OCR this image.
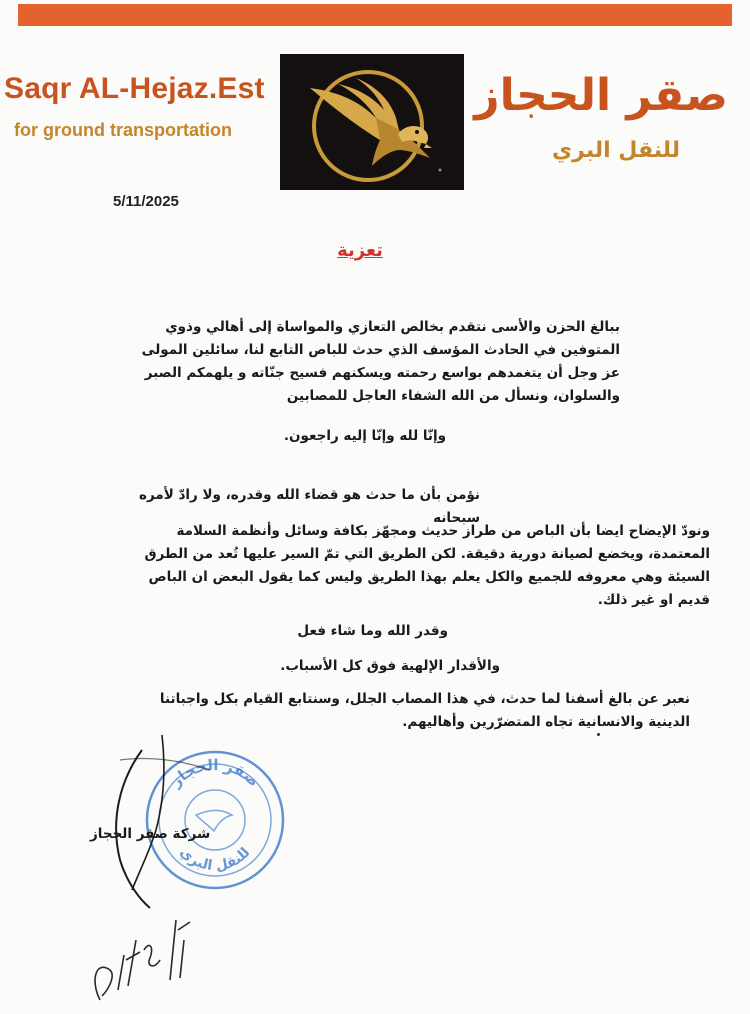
Saqr AL-Hejaz.Est
for ground transportation
صقر الحجاز
للنقل البري
5/11/2025
تعزية
ببالغ الحزن والأسى نتقدم بخالص التعازي والمواساة إلى أهالي وذوي المتوفين في الحادث المؤسف الذي حدث للباص التابع لنا، سائلين المولى عز وجل أن يتغمدهم بواسع رحمته ويسكنهم فسيح جنّاته و يلهمكم الصبر والسلوان، ونسأل من الله الشفاء العاجل للمصابين
وإنّا لله وإنّا إليه راجعون.
نؤمن بأن ما حدث هو قضاء الله وقدره، ولا رادّ لأمره سبحانه
ونودّ الإيضاح ايضا بأن الباص من طراز حديث ومجهّز بكافة وسائل وأنظمة السلامة المعتمدة، ويخضع لصيانة دورية دقيقة. لكن الطريق التي تمّ السير عليها تُعد من الطرق السيئة وهي معروفه للجميع والكل يعلم بهذا الطريق وليس كما يقول البعض ان الباص قديم او غير ذلك.
وقدر الله وما شاء فعل
والأقدار الإلهية فوق كل الأسباب.
نعبر عن بالغ أسفنا لما حدث، في هذا المصاب الجلل، وسنتابع القيام بكل واجباتنا الدينية والانسانية تجاه المتضرّرين وأهاليهم.
صقر الحجاز
للنقل البري
شركة صقر الحجاز
